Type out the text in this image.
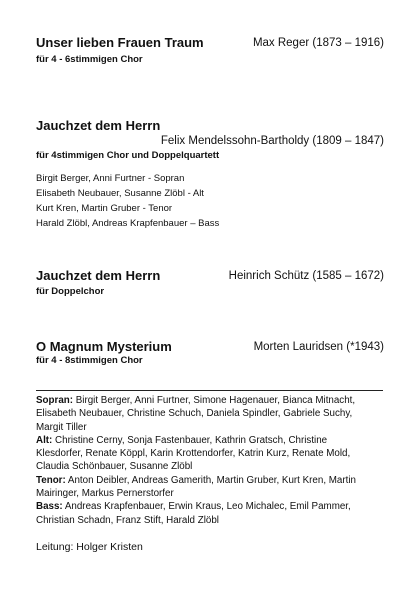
Unser lieben Frauen Traum	Max Reger (1873 – 1916)
für 4 - 6stimmigen Chor
Jauchzet dem Herrn
Felix Mendelssohn-Bartholdy (1809 – 1847)
für 4stimmigen Chor und Doppelquartett
Birgit Berger, Anni Furtner - Sopran
Elisabeth Neubauer, Susanne Zlöbl - Alt
Kurt Kren, Martin Gruber - Tenor
Harald Zlöbl, Andreas Krapfenbauer – Bass
Jauchzet dem Herrn	Heinrich Schütz (1585 – 1672)
für Doppelchor
O Magnum Mysterium	Morten Lauridsen (*1943)
für 4 - 8stimmigen Chor

Sopran: Birgit Berger, Anni Furtner, Simone Hagenauer, Bianca Mitnacht, Elisabeth Neubauer, Christine Schuch, Daniela Spindler, Gabriele Suchy, Margit Tiller

Alt: Christine Cerny, Sonja Fastenbauer, Kathrin Gratsch, Christine Klesdorfer, Renate Köppl, Karin Krottendorfer, Katrin Kurz, Renate Mold, Claudia Schönbauer, Susanne Zlöbl

Tenor: Anton Deibler, Andreas Gamerith, Martin Gruber, Kurt Kren, Martin Mairinger, Markus Pernerstorfer

Bass: Andreas Krapfenbauer, Erwin Kraus, Leo Michalec, Emil Pammer, Christian Schadn, Franz Stift, Harald Zlöbl

Leitung: Holger Kristen
